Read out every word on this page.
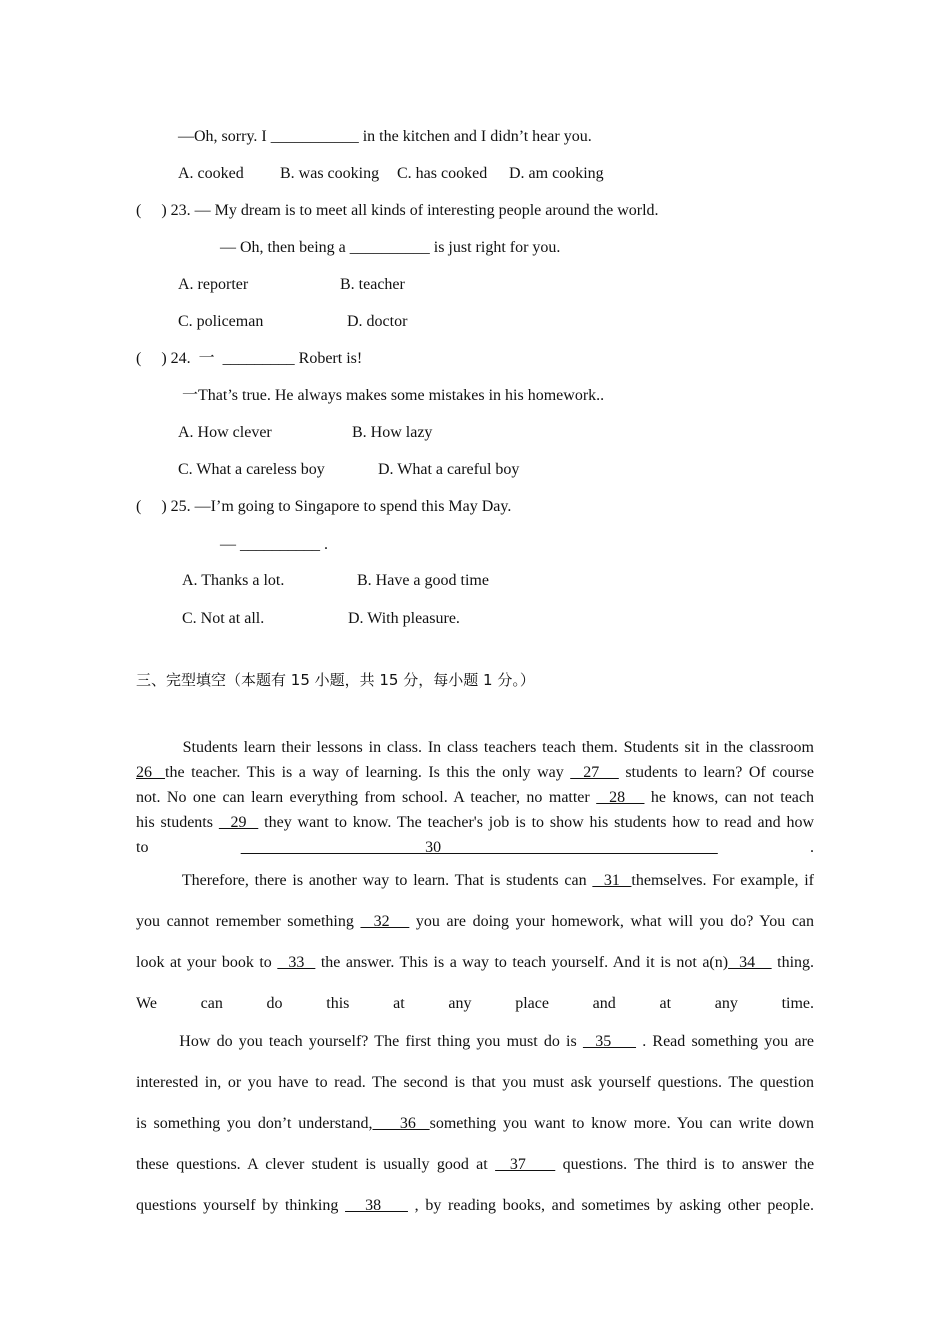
—Oh, sorry. I ___________ in the kitchen and I didn’t hear you.
A. cooked B. was cooking C. has cooked D. am cooking
(     ) 23. — My dream is to meet all kinds of interesting people around the world.
— Oh, then being a __________ is just right for you.
A. reporter	B. teacher
C. policeman	D. doctor
(     ) 24.  一  _________ Robert is!
一That’s true. He always makes some mistakes in his homework..
A. How clever	B. How lazy
C. What a careless boy	D. What a careful boy
(     ) 25. —I’m going to Singapore to spend this May Day.
— __________ .
A. Thanks a lot.	B. Have a good time
C. Not at all.	D. With pleasure.
三、完型填空（本题有 15 小题，共 15 分，每小题 1 分。）
Students learn their lessons in class. In class teachers teach them. Students sit in the classroom
26  the teacher. This is a way of learning. Is this the only way   27    students to learn? Of course
not. No one can learn everything from school. A teacher, no matter   28    he knows, can not teach
his students   29   they want to know. The teacher's job is to show his students how to read and how
to	30	.
Therefore, there is another way to learn. That is students can   31  themselves. For example, if
you cannot remember something   32    you are doing your homework, what will you do? You can
look at your book to   33   the answer. This is a way to teach yourself. And it is not a(n)  34    thing.
We can do this at any place and at any time.
How do you teach yourself? The first thing you must do is   35     . Read something you are
interested in, or you have to read. The second is that you must ask yourself questions. The question
is something you don’t understand,    36  something you want to know more. You can write down
these questions. A clever student is usually good at   37     questions. The third is to answer the
questions yourself by thinking    38     , by reading books, and sometimes by asking other people.
